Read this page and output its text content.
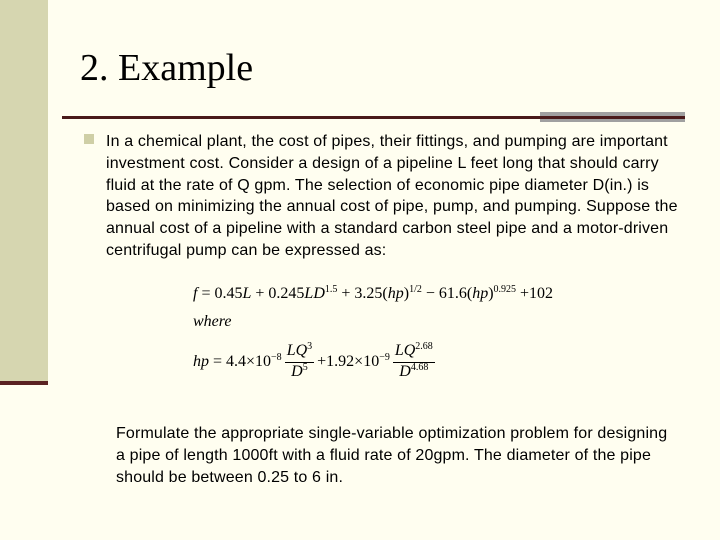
2. Example
In a chemical plant, the cost of pipes, their fittings, and pumping are important investment cost. Consider a design of a pipeline L feet long that should carry fluid at the rate of Q gpm. The selection of economic pipe diameter D(in.) is based on minimizing the annual cost of pipe, pump, and pumping. Suppose the annual cost of a pipeline with a standard carbon steel pipe and a motor-driven centrifugal pump can be expressed as:
$f = 0.45L + 0.245LD^{1.5} + 3.25(hp)^{1/2} - 61.6(hp)^{0.925} +102$
where
hp = $4.4\times 10^{-8} \frac{LQ^3}{D^5} +1.92\times 10^{-9} \frac{LQ^{2.68}}{D^{4.68}}$
Formulate the appropriate single-variable optimization problem for designing a pipe of length 1000ft with a fluid rate of 20gpm. The diameter of the pipe should be between 0.25 to 6 in.
